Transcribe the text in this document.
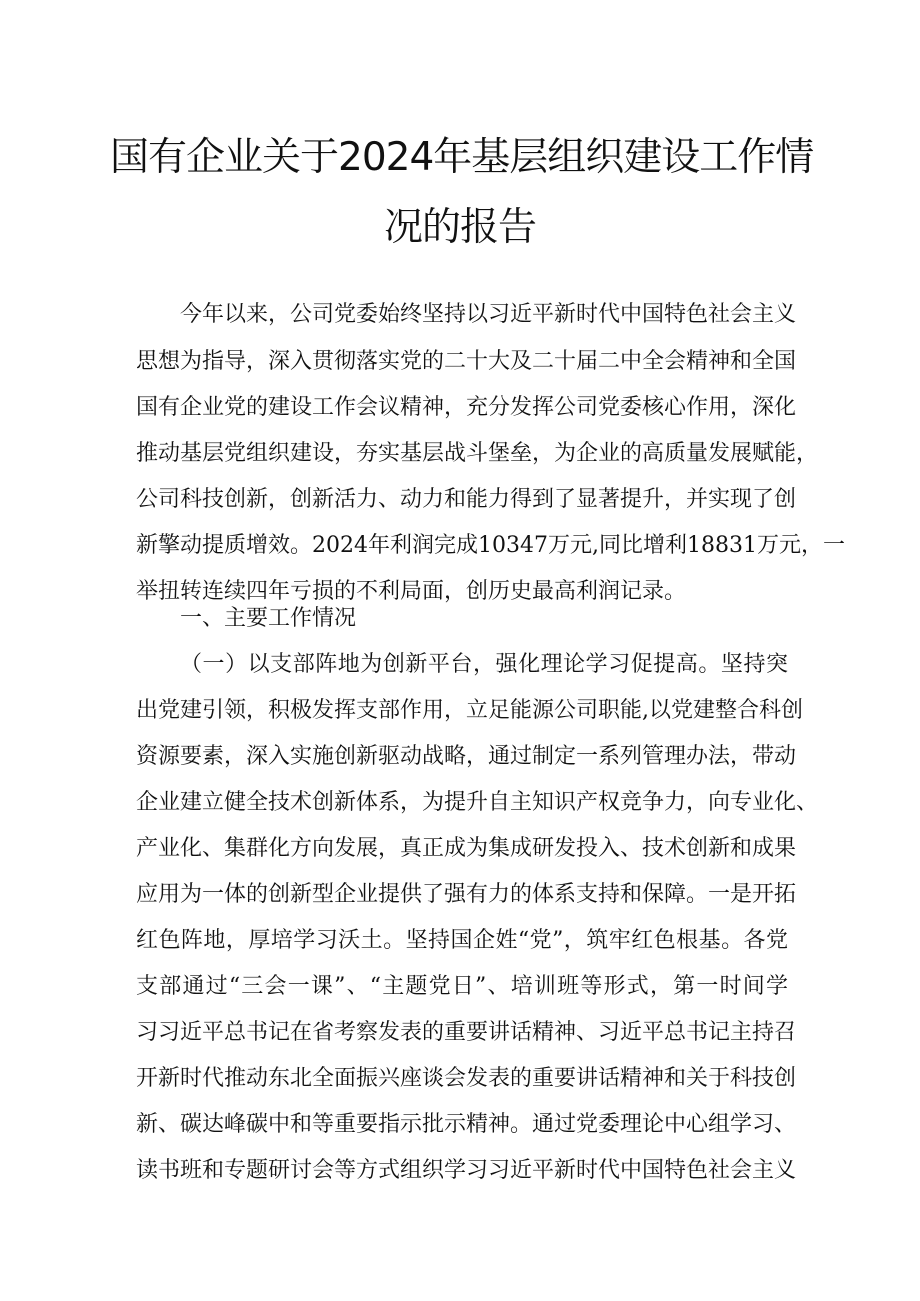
国有企业关于2024年基层组织建设工作情
况的报告
今年以来，公司党委始终坚持以习近平新时代中国特色社会主义
思想为指导，深入贯彻落实党的二十大及二十届二中全会精神和全国
国有企业党的建设工作会议精神，充分发挥公司党委核心作用，深化
推动基层党组织建设，夯实基层战斗堡垒，为企业的高质量发展赋能，
公司科技创新，创新活力、动力和能力得到了显著提升，并实现了创
新擎动提质增效。2024年利润完成10347万元,同比增利18831万元，一
举扭转连续四年亏损的不利局面，创历史最高利润记录。
一、主要工作情况
（一）以支部阵地为创新平台，强化理论学习促提高。坚持突
出党建引领，积极发挥支部作用，立足能源公司职能,以党建整合科创
资源要素，深入实施创新驱动战略，通过制定一系列管理办法，带动
企业建立健全技术创新体系，为提升自主知识产权竞争力，向专业化、
产业化、集群化方向发展，真正成为集成研发投入、技术创新和成果
应用为一体的创新型企业提供了强有力的体系支持和保障。一是开拓
红色阵地，厚培学习沃土。坚持国企姓“党”，筑牢红色根基。各党
支部通过“三会一课”、“主题党日”、培训班等形式，第一时间学
习习近平总书记在省考察发表的重要讲话精神、习近平总书记主持召
开新时代推动东北全面振兴座谈会发表的重要讲话精神和关于科技创
新、碳达峰碳中和等重要指示批示精神。通过党委理论中心组学习、
读书班和专题研讨会等方式组织学习习近平新时代中国特色社会主义
